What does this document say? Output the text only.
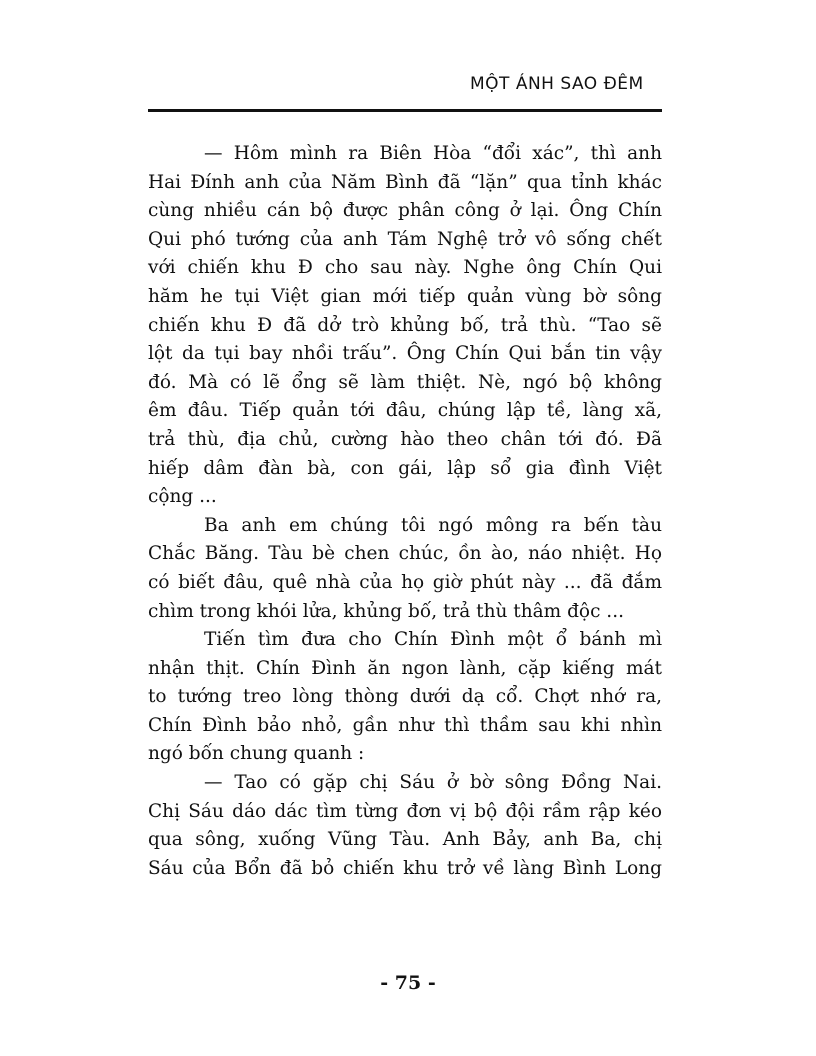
MỘT ÁNH SAO ĐÊM
— Hôm mình ra Biên Hòa “đổi xác”, thì anh
Hai Đính anh của Năm Bình đã “lặn” qua tỉnh khác
cùng nhiều cán bộ được phân công ở lại. Ông Chín
Qui phó tướng của anh Tám Nghệ trở vô sống chết
với chiến khu Đ cho sau này. Nghe ông Chín Qui
hăm he tụi Việt gian mới tiếp quản vùng bờ sông
chiến khu Đ đã dở trò khủng bố, trả thù. “Tao sẽ
lột da tụi bay nhồi trấu”. Ông Chín Qui bắn tin vậy
đó. Mà có lẽ ổng sẽ làm thiệt. Nè, ngó bộ không
êm đâu. Tiếp quản tới đâu, chúng lập tề, làng xã,
trả thù, địa chủ, cường hào theo chân tới đó. Đã
hiếp dâm đàn bà, con gái, lập sổ gia đình Việt
cộng ...
Ba anh em chúng tôi ngó mông ra bến tàu
Chắc Băng. Tàu bè chen chúc, ồn ào, náo nhiệt. Họ
có biết đâu, quê nhà của họ giờ phút này ... đã đắm
chìm trong khói lửa, khủng bố, trả thù thâm độc ...
Tiến tìm đưa cho Chín Đình một ổ bánh mì
nhận thịt. Chín Đình ăn ngon lành, cặp kiếng mát
to tướng treo lòng thòng dưới dạ cổ. Chợt nhớ ra,
Chín Đình bảo nhỏ, gần như thì thầm sau khi nhìn
ngó bốn chung quanh :
— Tao có gặp chị Sáu ở bờ sông Đồng Nai.
Chị Sáu dáo dác tìm từng đơn vị bộ đội rầm rập kéo
qua sông, xuống Vũng Tàu. Anh Bảy, anh Ba, chị
Sáu của Bổn đã bỏ chiến khu trở về làng Bình Long
- 75 -
